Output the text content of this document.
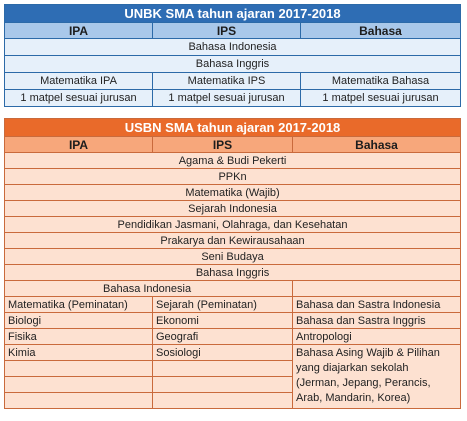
UNBK SMA tahun ajaran 2017-2018		
IPA	IPS	Bahasa
Bahasa Indonesia		
Bahasa Inggris		
Matematika IPA	Matematika IPS	Matematika Bahasa
1 matpel sesuai jurusan	1 matpel sesuai jurusan	1 matpel sesuai jurusan
USBN SMA tahun ajaran 2017-2018		
IPA	IPS	Bahasa
Agama & Budi Pekerti		
PPKn		
Matematika (Wajib)		
Sejarah Indonesia		
Pendidikan Jasmani, Olahraga, dan Kesehatan		
Prakarya dan Kewirausahaan		
Seni Budaya		
Bahasa Inggris		
Bahasa Indonesia		
Matematika (Peminatan)	Sejarah (Peminatan)	Bahasa dan Sastra Indonesia
Biologi	Ekonomi	Bahasa dan Sastra Inggris
Fisika	Geografi	Antropologi
Kimia	Sosiologi	Bahasa Asing Wajib & Pilihan
yang diajarkan sekolah
(Jerman, Jepang, Perancis,
Arab, Mandarin, Korea)
